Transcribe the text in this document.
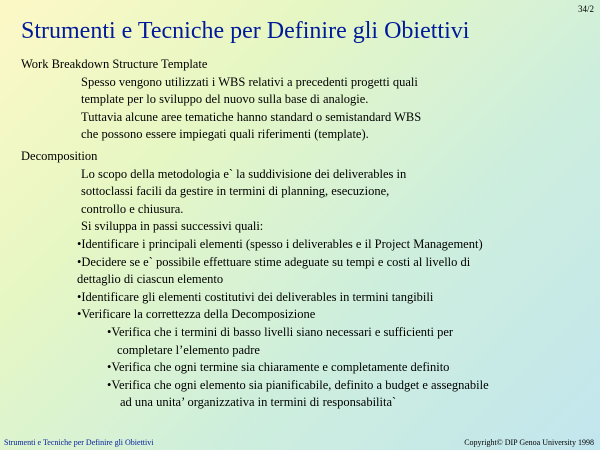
34/2
Strumenti e Tecniche per Definire gli Obiettivi
Work Breakdown Structure Template
Spesso vengono utilizzati i WBS relativi a precedenti progetti quali
template per lo sviluppo del nuovo sulla base di analogie.
Tuttavia alcune aree tematiche hanno standard o semistandard WBS
che possono essere impiegati quali riferimenti (template).
Decomposition
Lo scopo della metodologia e` la suddivisione dei deliverables in
sottoclassi facili da gestire in termini di planning, esecuzione,
controllo e chiusura.
Si sviluppa in passi successivi quali:
•Identificare i principali elementi (spesso i deliverables e il Project Management)
•Decidere se e` possibile effettuare stime adeguate su tempi e costi al livello di
dettaglio di ciascun elemento
•Identificare gli elementi costitutivi dei deliverables in termini tangibili
•Verificare la correttezza della Decomposizione
•Verifica che i termini di basso livelli siano necessari e sufficienti per
completare l’elemento padre
•Verifica che ogni termine sia chiaramente e completamente definito
•Verifica che ogni elemento sia pianificabile, definito a budget e assegnabile
ad una unita’ organizzativa in termini di responsabilita`
Strumenti e Tecniche per Definire gli Obiettivi	Copyright© DIP Genoa University 1998
